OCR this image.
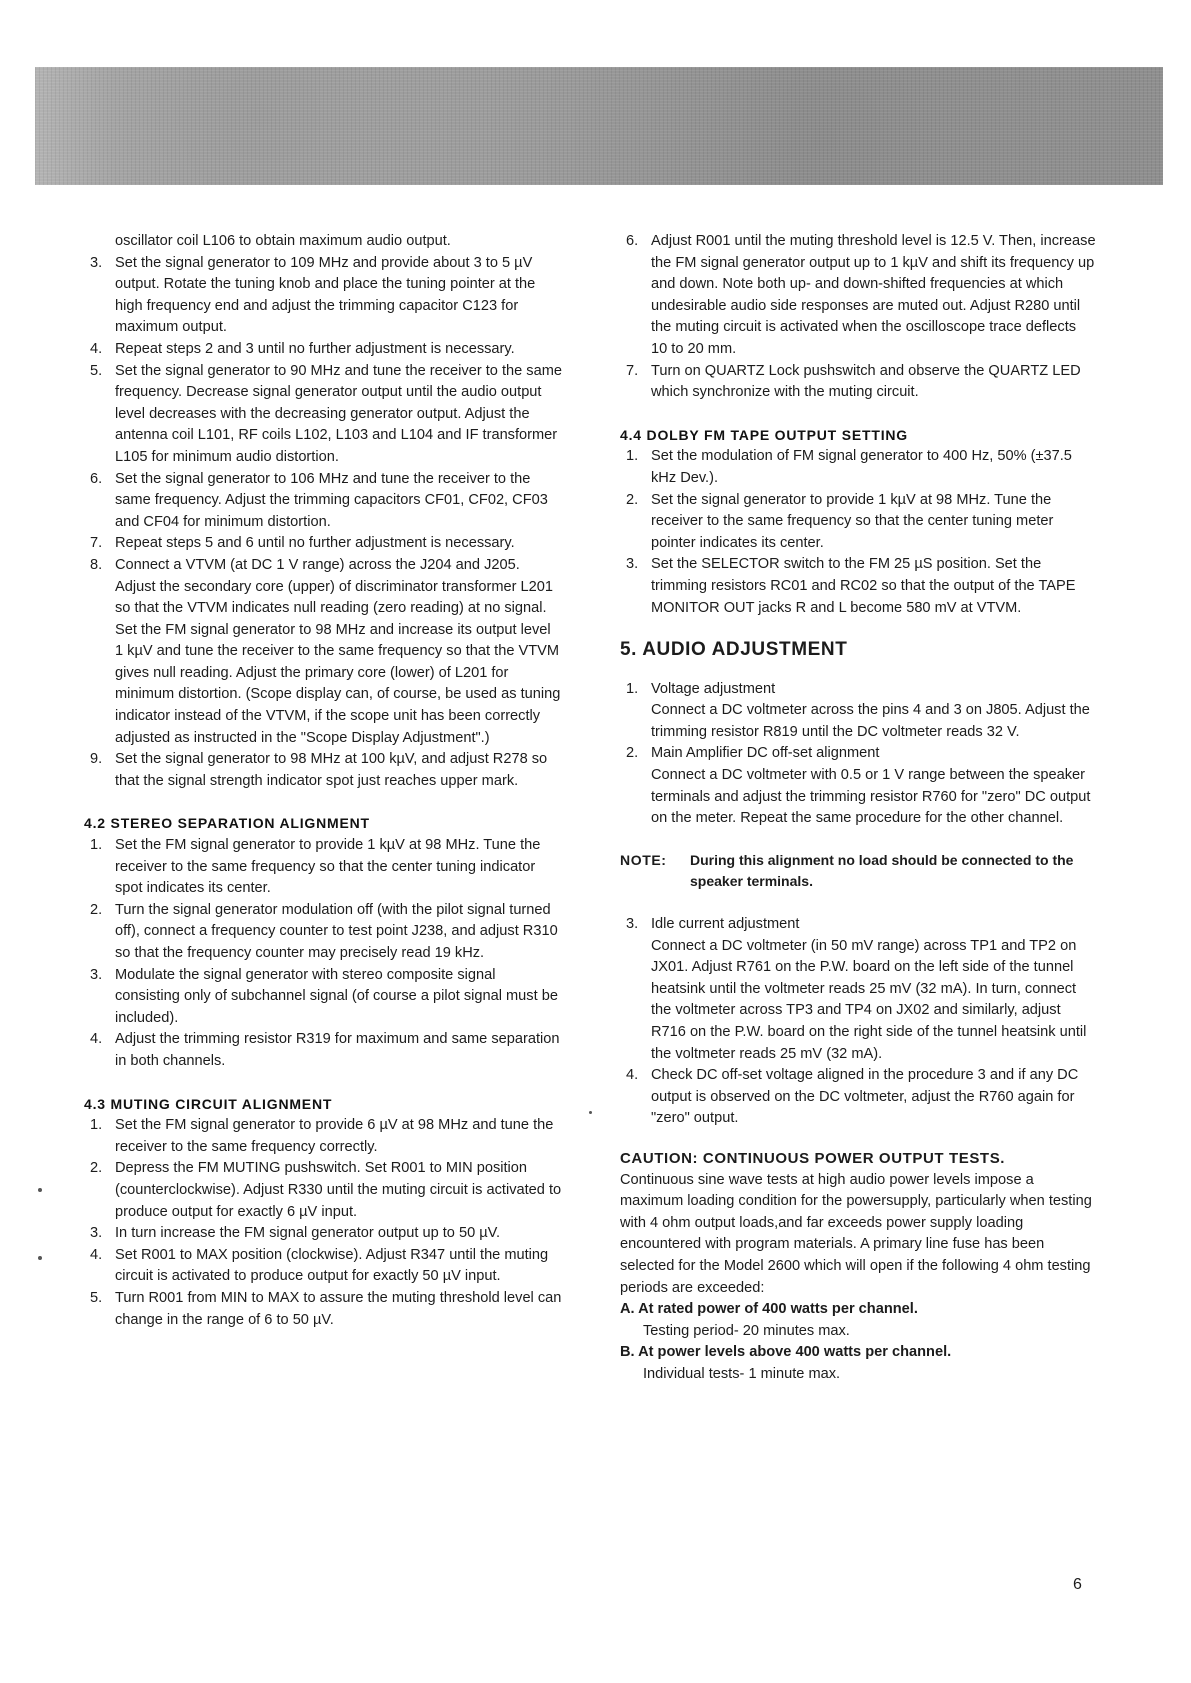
oscillator coil L106 to obtain maximum audio output.
3. Set the signal generator to 109 MHz and provide about 3 to 5 µV output. Rotate the tuning knob and place the tuning pointer at the high frequency end and adjust the trimming capacitor C123 for maximum output.
4. Repeat steps 2 and 3 until no further adjustment is necessary.
5. Set the signal generator to 90 MHz and tune the receiver to the same frequency. Decrease signal generator output until the audio output level decreases with the decreasing generator output. Adjust the antenna coil L101, RF coils L102, L103 and L104 and IF transformer L105 for minimum audio distortion.
6. Set the signal generator to 106 MHz and tune the receiver to the same frequency. Adjust the trimming capacitors CF01, CF02, CF03 and CF04 for minimum distortion.
7. Repeat steps 5 and 6 until no further adjustment is necessary.
8. Connect a VTVM (at DC 1 V range) across the J204 and J205. Adjust the secondary core (upper) of discriminator transformer L201 so that the VTVM indicates null reading (zero reading) at no signal. Set the FM signal generator to 98 MHz and increase its output level 1 kµV and tune the receiver to the same frequency so that the VTVM gives null reading. Adjust the primary core (lower) of L201 for minimum distortion. (Scope display can, of course, be used as tuning indicator instead of the VTVM, if the scope unit has been correctly adjusted as instructed in the "Scope Display Adjustment".)
9. Set the signal generator to 98 MHz at 100 kµV, and adjust R278 so that the signal strength indicator spot just reaches upper mark.
4.2 STEREO SEPARATION ALIGNMENT
1. Set the FM signal generator to provide 1 kµV at 98 MHz. Tune the receiver to the same frequency so that the center tuning indicator spot indicates its center.
2. Turn the signal generator modulation off (with the pilot signal turned off), connect a frequency counter to test point J238, and adjust R310 so that the frequency counter may precisely read 19 kHz.
3. Modulate the signal generator with stereo composite signal consisting only of subchannel signal (of course a pilot signal must be included).
4. Adjust the trimming resistor R319 for maximum and same separation in both channels.
4.3 MUTING CIRCUIT ALIGNMENT
1. Set the FM signal generator to provide 6 µV at 98 MHz and tune the receiver to the same frequency correctly.
2. Depress the FM MUTING pushswitch. Set R001 to MIN position (counterclockwise). Adjust R330 until the muting circuit is activated to produce output for exactly 6 µV input.
3. In turn increase the FM signal generator output up to 50 µV.
4. Set R001 to MAX position (clockwise). Adjust R347 until the muting circuit is activated to produce output for exactly 50 µV input.
5. Turn R001 from MIN to MAX to assure the muting threshold level can change in the range of 6 to 50 µV.
6. Adjust R001 until the muting threshold level is 12.5 V. Then, increase the FM signal generator output up to 1 kµV and shift its frequency up and down. Note both up- and down-shifted frequencies at which undesirable audio side responses are muted out. Adjust R280 until the muting circuit is activated when the oscilloscope trace deflects 10 to 20 mm.
7. Turn on QUARTZ Lock pushswitch and observe the QUARTZ LED which synchronize with the muting circuit.
4.4 DOLBY FM TAPE OUTPUT SETTING
1. Set the modulation of FM signal generator to 400 Hz, 50% (±37.5 kHz Dev.).
2. Set the signal generator to provide 1 kµV at 98 MHz. Tune the receiver to the same frequency so that the center tuning meter pointer indicates its center.
3. Set the SELECTOR switch to the FM 25 µS position. Set the trimming resistors RC01 and RC02 so that the output of the TAPE MONITOR OUT jacks R and L become 580 mV at VTVM.
5. AUDIO ADJUSTMENT
1. Voltage adjustment
Connect a DC voltmeter across the pins 4 and 3 on J805. Adjust the trimming resistor R819 until the DC voltmeter reads 32 V.
2. Main Amplifier DC off-set alignment
Connect a DC voltmeter with 0.5 or 1 V range between the speaker terminals and adjust the trimming resistor R760 for "zero" DC output on the meter. Repeat the same procedure for the other channel.
NOTE:	During this alignment no load should be connected to the speaker terminals.
3. Idle current adjustment
Connect a DC voltmeter (in 50 mV range) across TP1 and TP2 on JX01. Adjust R761 on the P.W. board on the left side of the tunnel heatsink until the voltmeter reads 25 mV (32 mA). In turn, connect the voltmeter across TP3 and TP4 on JX02 and similarly, adjust R716 on the P.W. board on the right side of the tunnel heatsink until the voltmeter reads 25 mV (32 mA).
4. Check DC off-set voltage aligned in the procedure 3 and if any DC output is observed on the DC voltmeter, adjust the R760 again for "zero" output.
CAUTION: CONTINUOUS POWER OUTPUT TESTS.
Continuous sine wave tests at high audio power levels impose a maximum loading condition for the powersupply, particularly when testing with 4 ohm output loads,and far exceeds power supply loading encountered with program materials. A primary line fuse has been selected for the Model 2600 which will open if the following 4 ohm testing periods are exceeded:
A. At rated power of 400 watts per channel.
Testing period- 20 minutes max.
B. At power levels above 400 watts per channel.
Individual tests- 1 minute max.
6
